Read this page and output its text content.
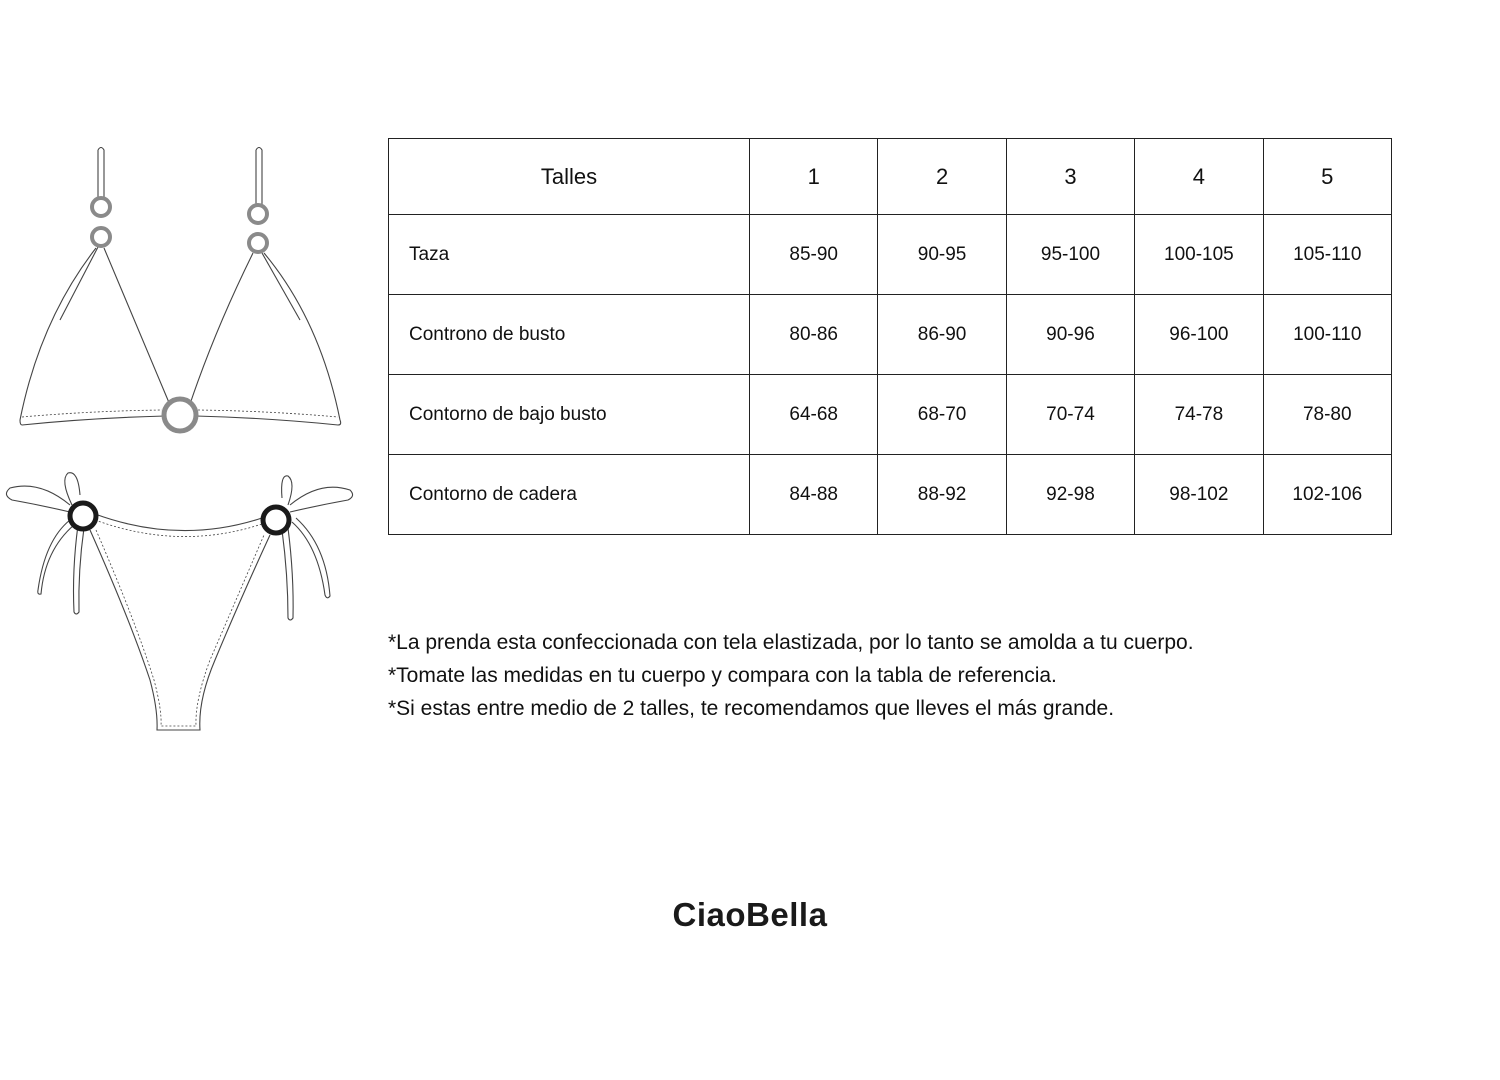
Talles	1	2	3	4	5
Taza	85-90	90-95	95-100	100-105	105-110
Controno de busto	80-86	86-90	90-96	96-100	100-110
Contorno de bajo busto	64-68	68-70	70-74	74-78	78-80
Contorno de cadera	84-88	88-92	92-98	98-102	102-106
*La prenda esta confeccionada con tela elastizada, por lo tanto se amolda a tu cuerpo.
*Tomate las medidas en tu cuerpo y compara con la tabla de referencia.
*Si estas entre medio de 2 talles, te recomendamos que lleves el más grande.
CiaoBella
